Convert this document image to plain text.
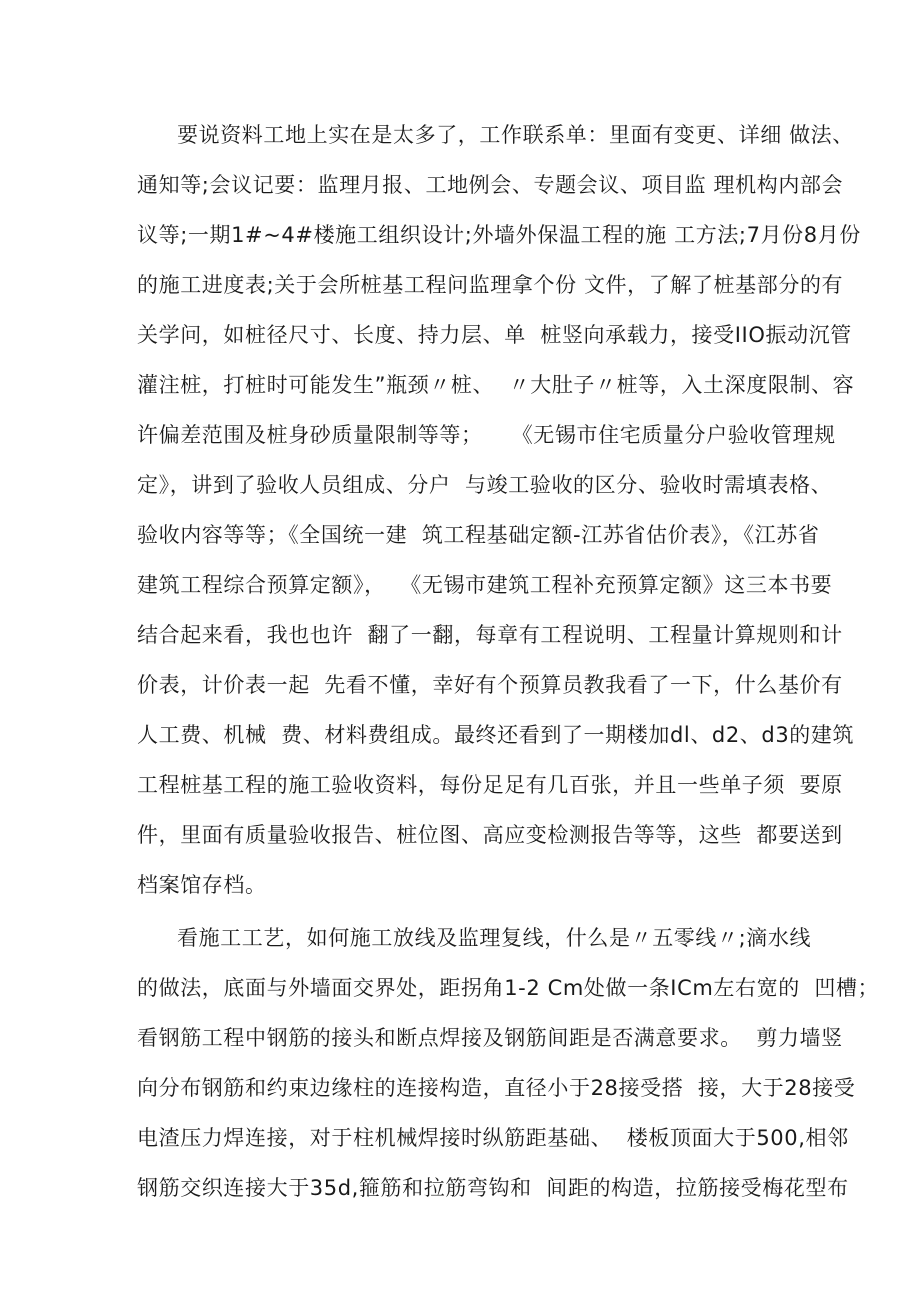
要说资料工地上实在是太多了，工作联系单：里面有变更、详细 做法、
通知等;会议记要：监理月报、工地例会、专题会议、项目监 理机构内部会
议等;一期1#~4#楼施工组织设计;外墙外保温工程的施 工方法;7月份8月份
的施工进度表;关于会所桩基工程问监理拿个份 文件，了解了桩基部分的有
关学问，如桩径尺寸、长度、持力层、单  桩竖向承载力，接受IIO振动沉管
灌注桩，打桩时可能发生”瓶颈〃桩、  〃大肚子〃桩等，入土深度限制、容
许偏差范围及桩身砂质量限制等等；    《无锡市住宅质量分户验收管理规
定》，讲到了验收人员组成、分户  与竣工验收的区分、验收时需填表格、
验收内容等等；《全国统一建  筑工程基础定额-江苏省估价表》，《江苏省
建筑工程综合预算定额》，  《无锡市建筑工程补充预算定额》这三本书要
结合起来看，我也也许  翻了一翻，每章有工程说明、工程量计算规则和计
价表，计价表一起  先看不懂，幸好有个预算员教我看了一下，什么基价有
人工费、机械  费、材料费组成。最终还看到了一期楼加dl、d2、d3的建筑
工程桩基工程的施工验收资料，每份足足有几百张，并且一些单子须  要原
件，里面有质量验收报告、桩位图、高应变检测报告等等，这些  都要送到
档案馆存档。
看施工工艺，如何施工放线及监理复线，什么是〃五零线〃;滴水线
的做法，底面与外墙面交界处，距拐角1-2 Cm处做一条ICm左右宽的  凹槽；
看钢筋工程中钢筋的接头和断点焊接及钢筋间距是否满意要求。  剪力墙竖
向分布钢筋和约束边缘柱的连接构造，直径小于28接受搭  接，大于28接受
电渣压力焊连接，对于柱机械焊接时纵筋距基础、  楼板顶面大于500,相邻
钢筋交织连接大于35d,箍筋和拉筋弯钩和  间距的构造，拉筋接受梅花型布
